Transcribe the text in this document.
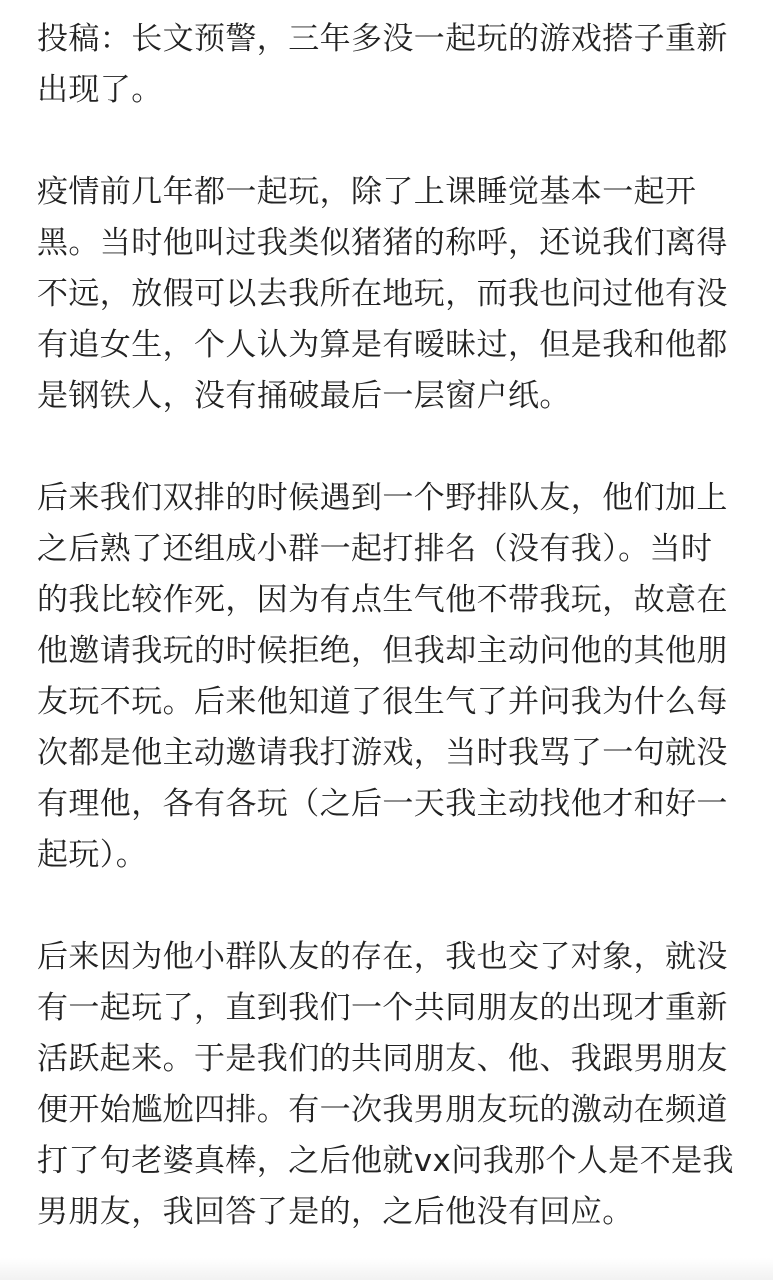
投稿：长文预警，三年多没一起玩的游戏搭子重新出现了。

疫情前几年都一起玩，除了上课睡觉基本一起开黑。当时他叫过我类似猪猪的称呼，还说我们离得不远，放假可以去我所在地玩，而我也问过他有没有追女生，个人认为算是有暧昧过，但是我和他都是钢铁人，没有捅破最后一层窗户纸。

后来我们双排的时候遇到一个野排队友，他们加上之后熟了还组成小群一起打排名（没有我）。当时的我比较作死，因为有点生气他不带我玩，故意在他邀请我玩的时候拒绝，但我却主动问他的其他朋友玩不玩。后来他知道了很生气了并问我为什么每次都是他主动邀请我打游戏，当时我骂了一句就没有理他，各有各玩（之后一天我主动找他才和好一起玩）。

后来因为他小群队友的存在，我也交了对象，就没有一起玩了，直到我们一个共同朋友的出现才重新活跃起来。于是我们的共同朋友、他、我跟男朋友便开始尴尬四排。有一次我男朋友玩的激动在频道打了句老婆真棒，之后他就vx问我那个人是不是我男朋友，我回答了是的，之后他没有回应。
